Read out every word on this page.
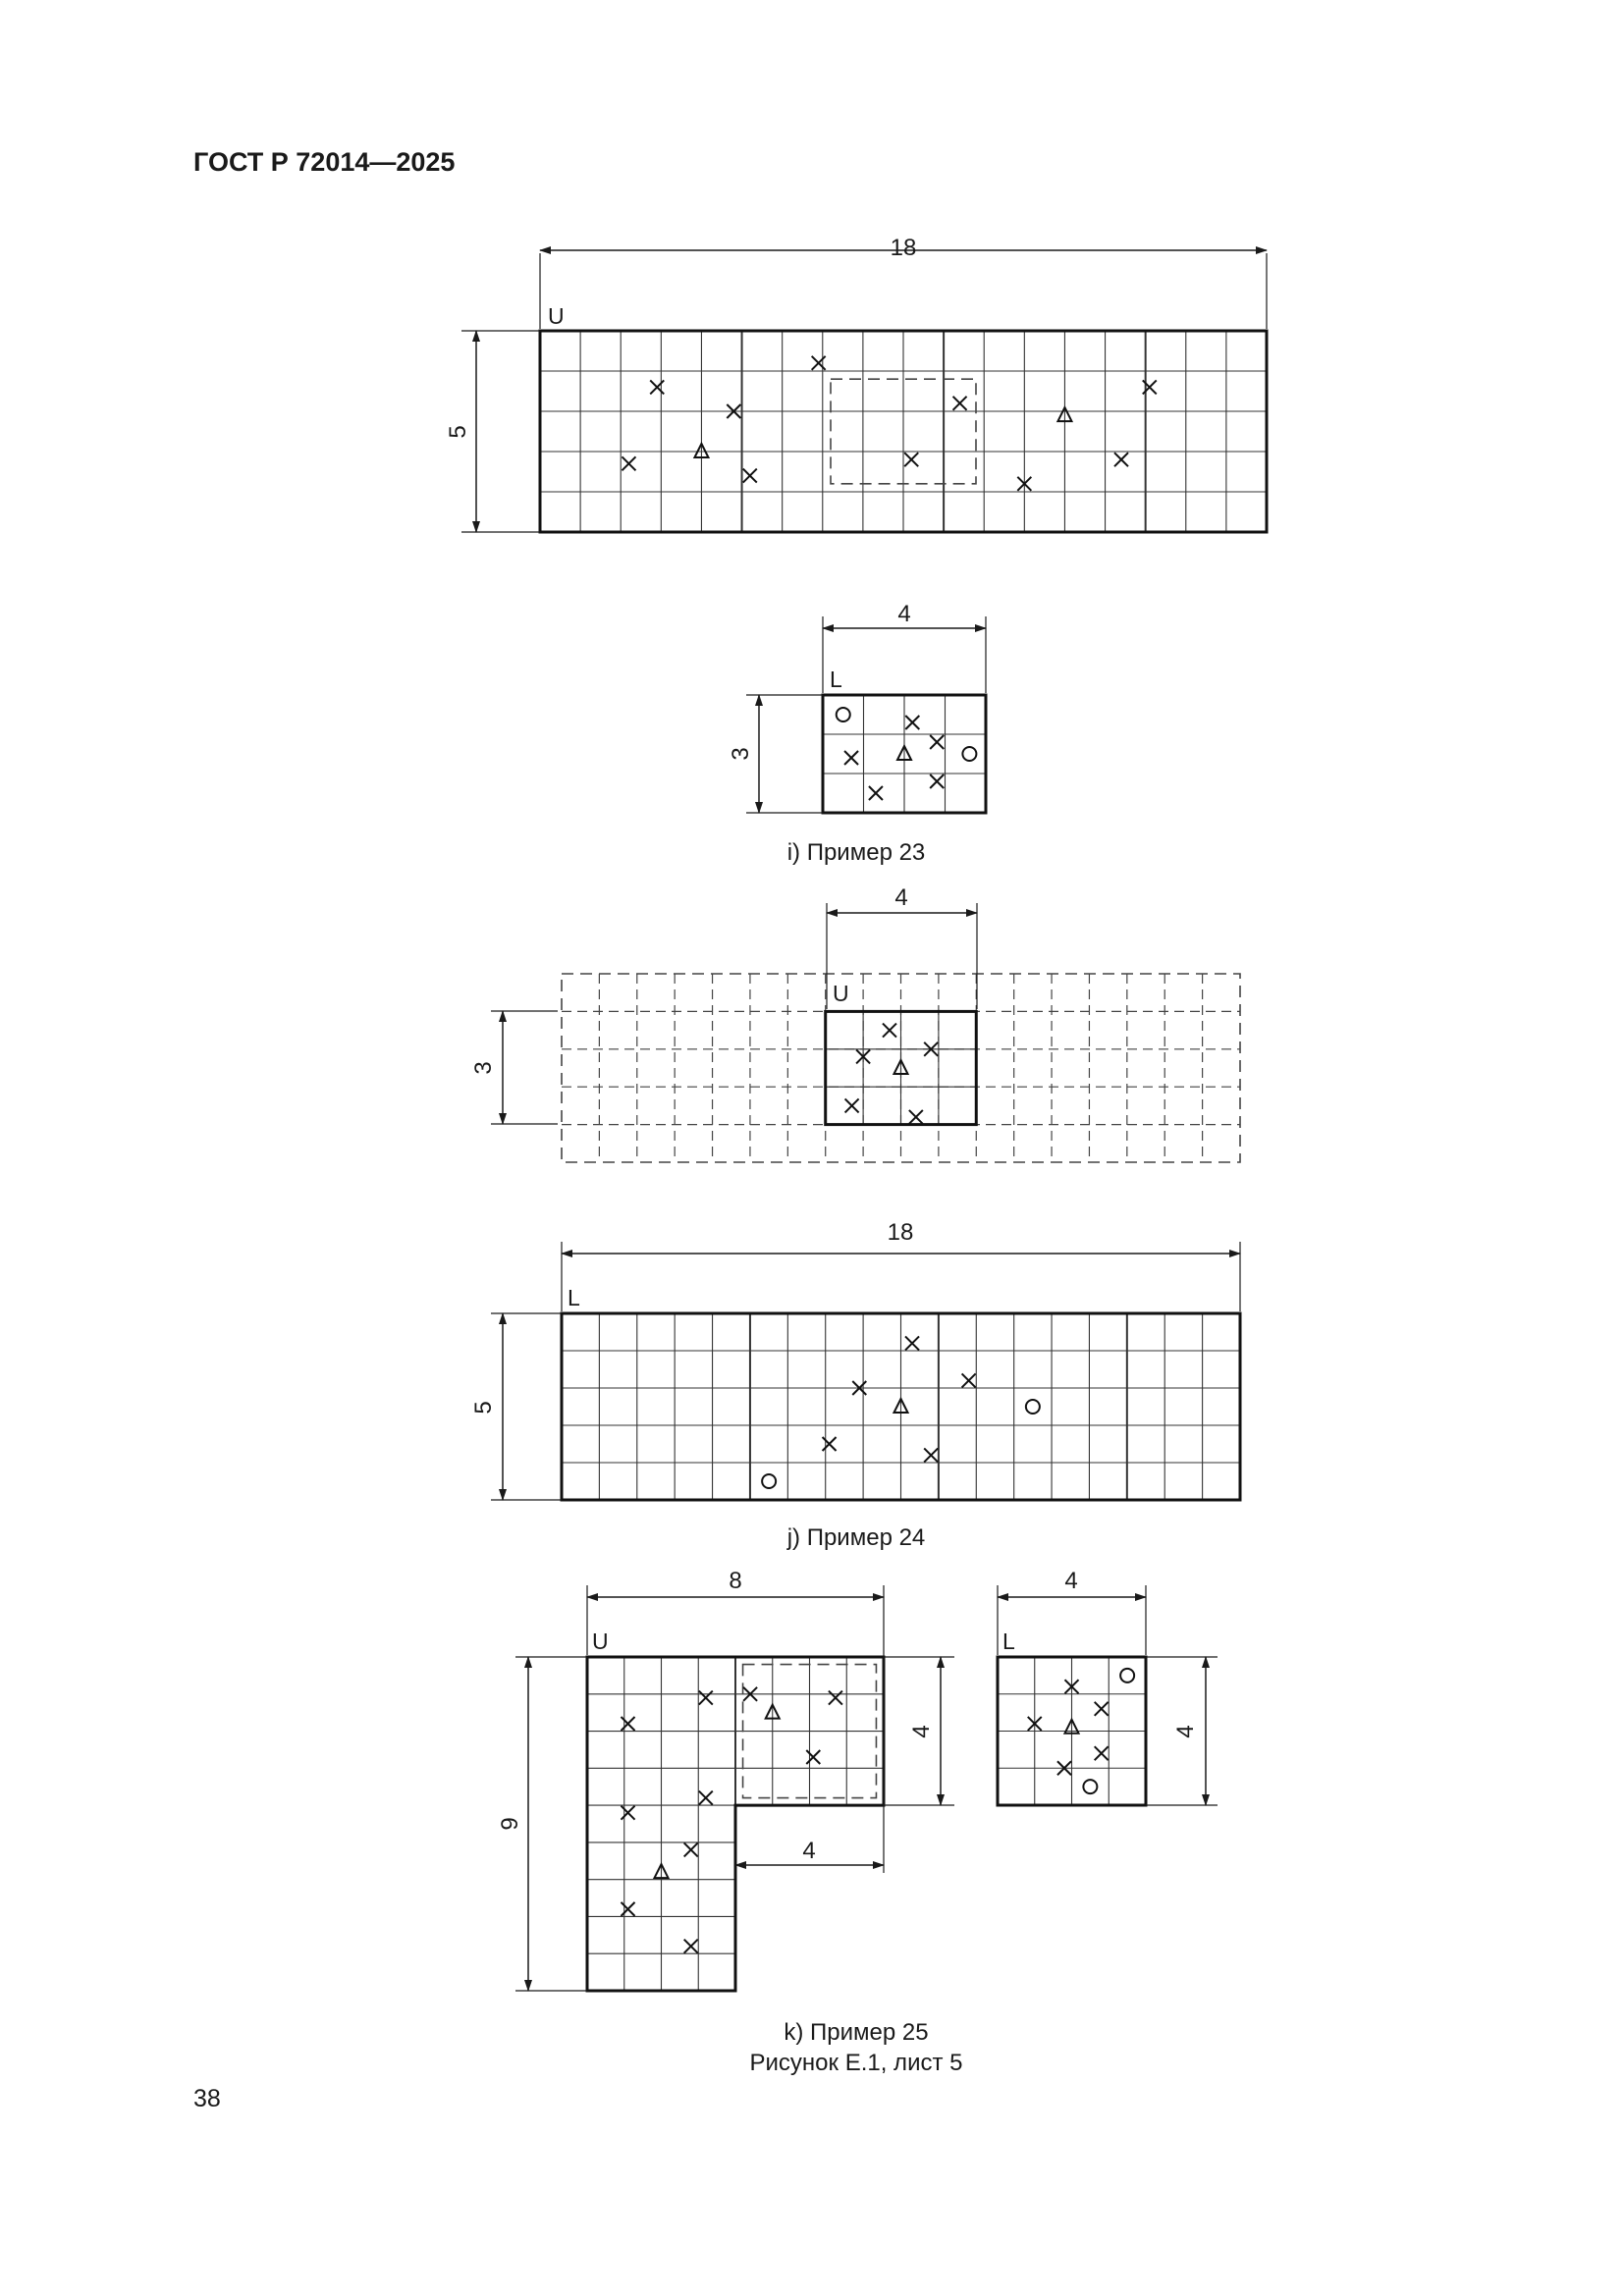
ГОСТ Р 72014—2025
U
18
5
L
4
3
U
4
3
L
18
5
U
8
9
4
4
L
4
4
i) Пример 23
j) Пример 24
k) Пример 25
Рисунок Е.1, лист 5
38
